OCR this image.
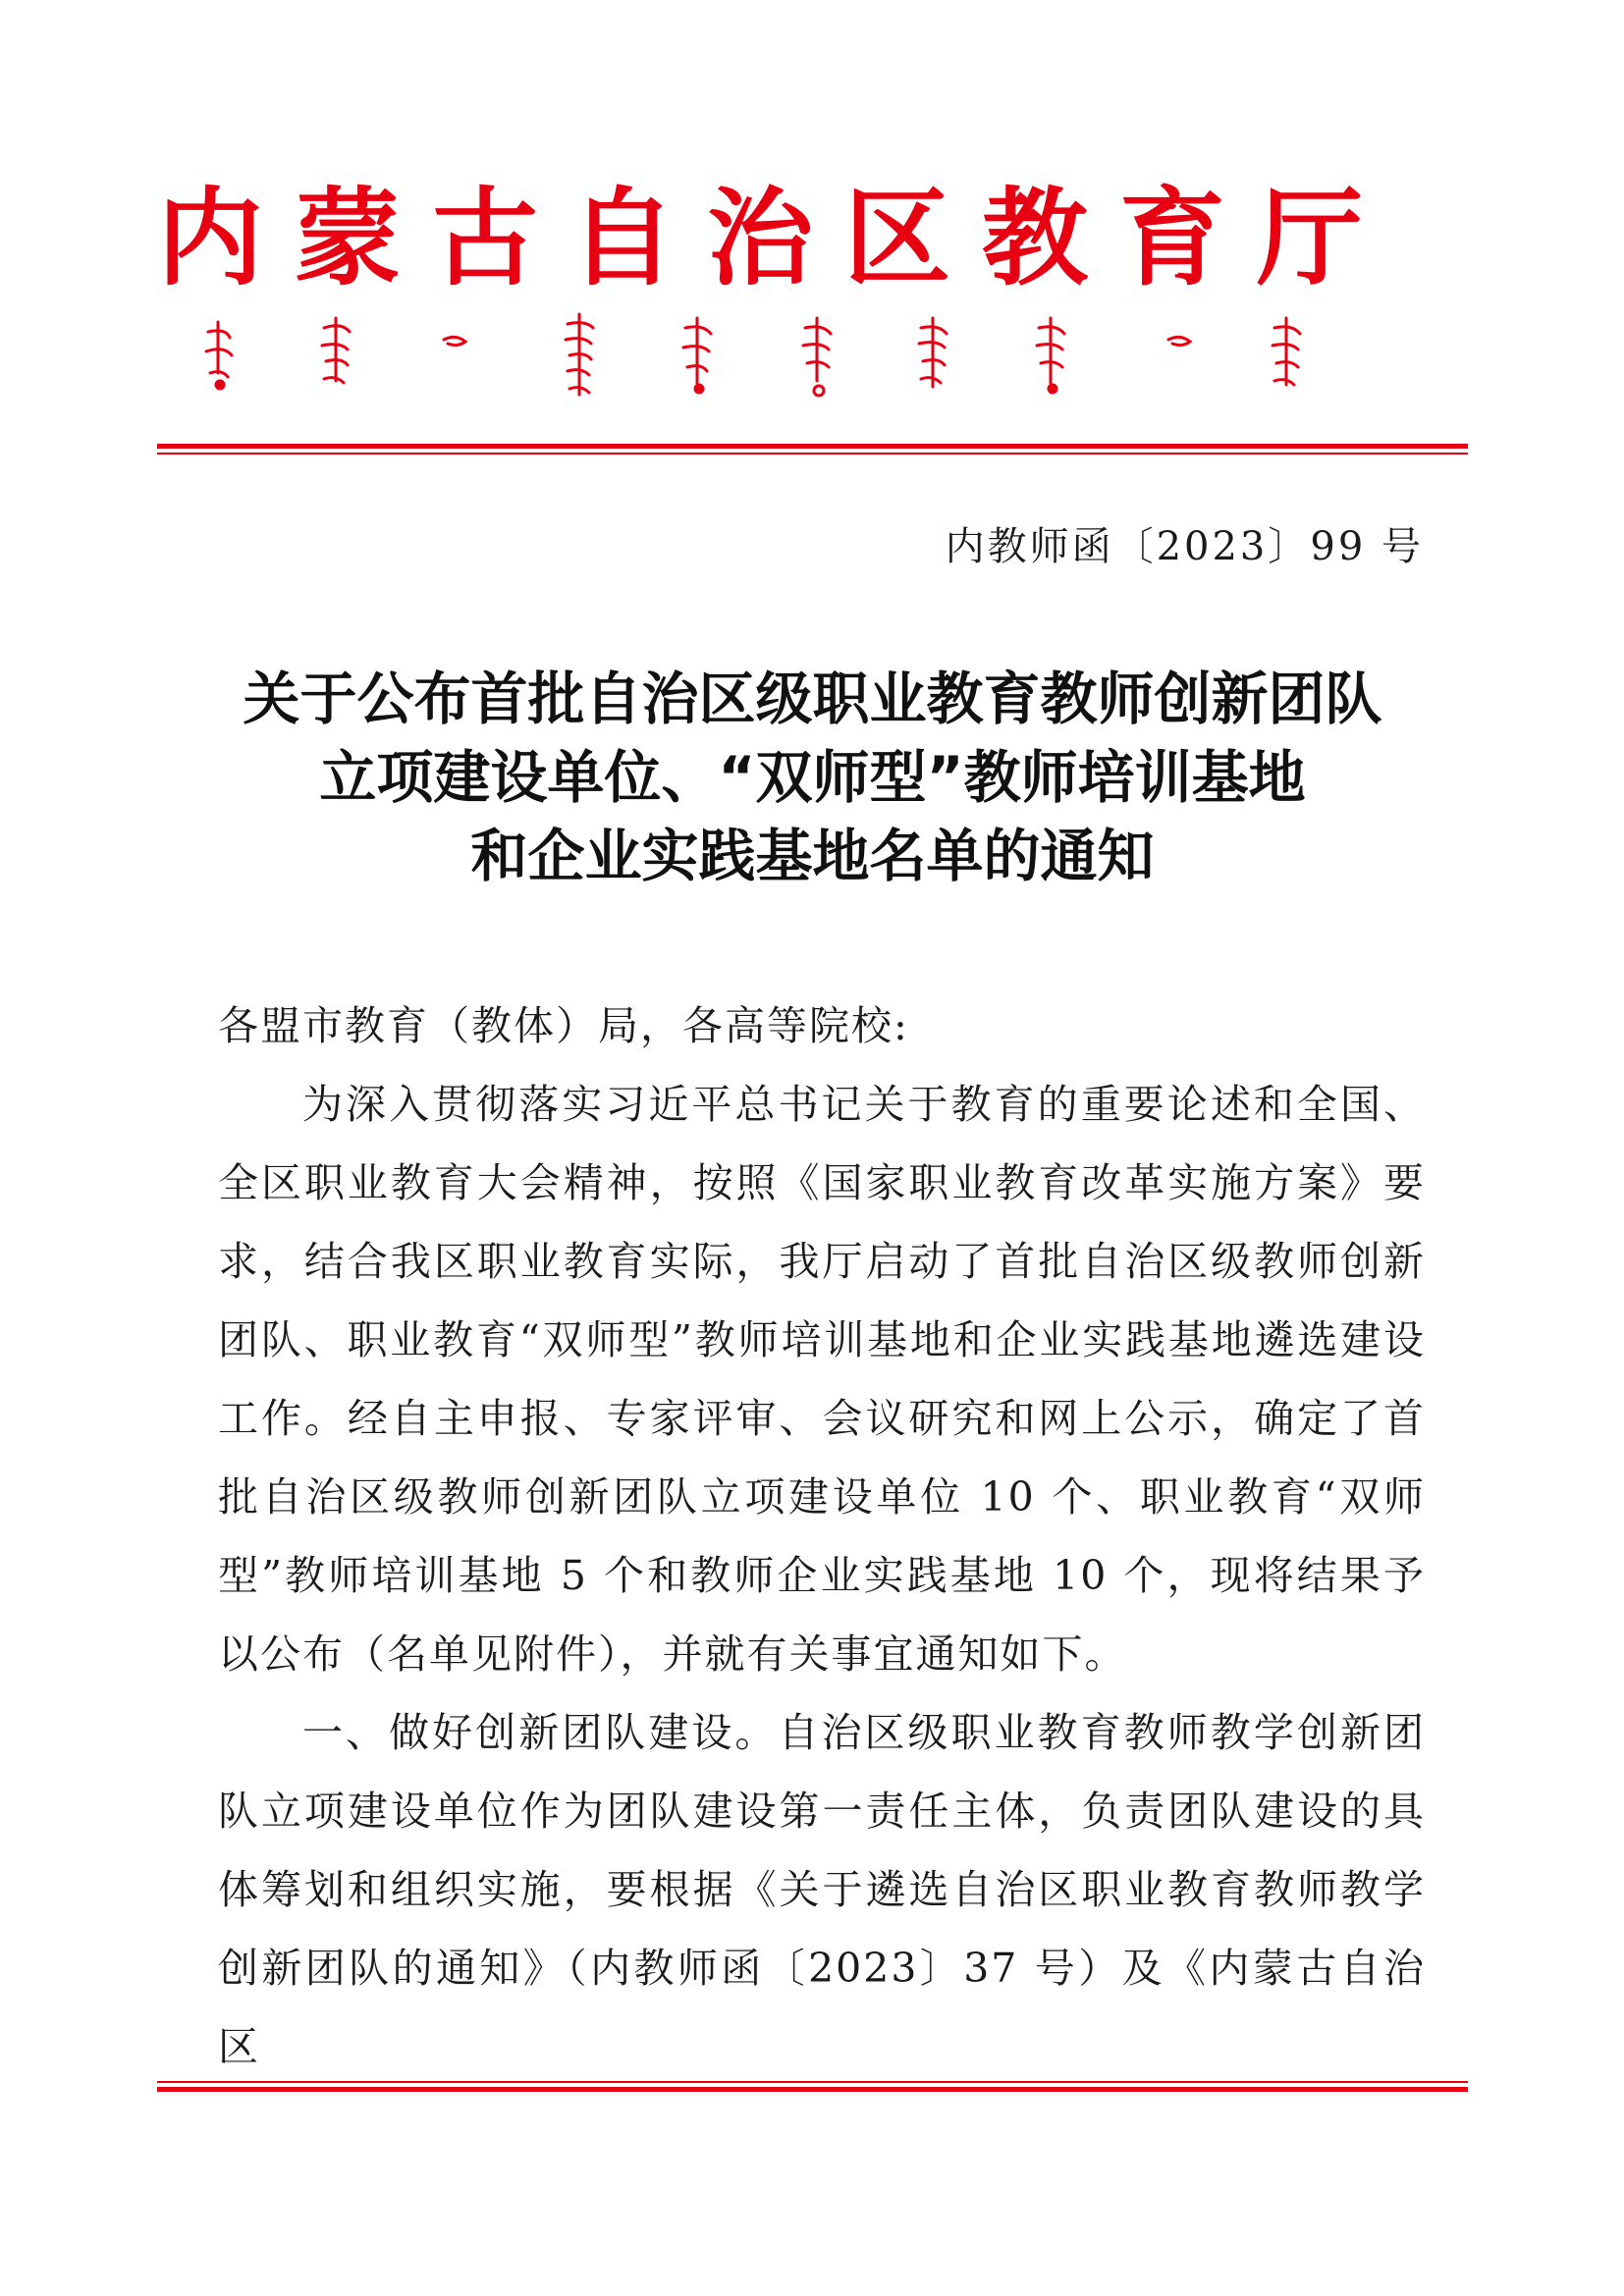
内蒙古自治区教育厅
内教师函〔2023〕99 号
关于公布首批自治区级职业教育教师创新团队
立项建设单位、“双师型”教师培训基地
和企业实践基地名单的通知

各盟市教育（教体）局，各高等院校:

为深入贯彻落实习近平总书记关于教育的重要论述和全国、全区职业教育大会精神，按照《国家职业教育改革实施方案》要求，结合我区职业教育实际，我厅启动了首批自治区级教师创新团队、职业教育“双师型”教师培训基地和企业实践基地遴选建设工作。经自主申报、专家评审、会议研究和网上公示，确定了首批自治区级教师创新团队立项建设单位 10 个、职业教育“双师型”教师培训基地 5 个和教师企业实践基地 10 个，现将结果予以公布（名单见附件），并就有关事宜通知如下。

一、做好创新团队建设。自治区级职业教育教师教学创新团队立项建设单位作为团队建设第一责任主体，负责团队建设的具体筹划和组织实施，要根据《关于遴选自治区职业教育教师教学创新团队的通知》（内教师函〔2023〕37 号）及《内蒙古自治区
